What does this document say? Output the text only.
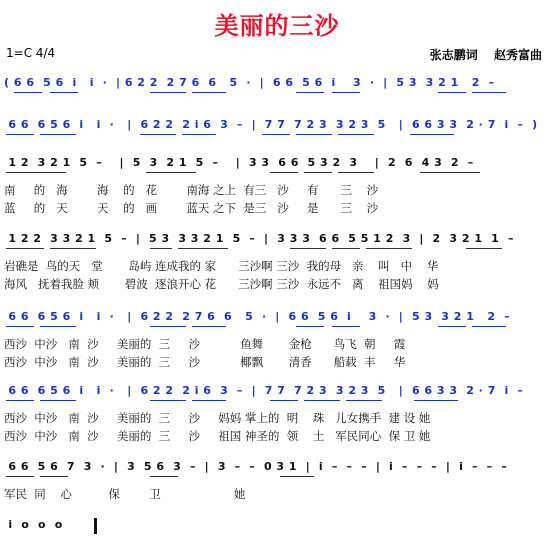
美丽的三沙
1=C 4/4	张志鹏词 赵秀富曲
( 6 6  5 6  i   i  ·  | 6 2 2  2 7 6  6   5  ·  |  6 6  5 6  i    3  ·  |  5 3  3 2 1   2  –
6 6  6 5 6  i   i  ·   |  6 2 2  2 i 6  3  –  |  7 7  7 2 3  3 2 3  5   |  6 6 3 3  2 · 7  i  –  )
1 2  3 2 1  5  –    |  5  3  2 1  5  –    |  3 3  6 6  5 3 2  3    |  2  6  4 3  2  –
南     的   海        海    的   花        南海 之上  有三   沙     有      三    沙
蓝     的   天        天    的   画        蓝天 之下  是三   沙     是      三    沙
1 2 2  3 3 2 1  5  –  |  5 3  3 3 2 1  5  –  |  3 3 3  6 6  5 5 1 2  3  |  2  3 2 1  1  –
岩礁是  鸟的天   堂       岛屿 连成我的 家      三沙啊 三沙  我的母   亲    叫   中    华
海风   抚着我脸 颊       碧波  逐浪开心 花      三沙啊 三沙  永远不   离    祖国妈    妈
6 6  6 5 6  i   i  ·   |  6 2 2  2 7 6  6   5  ·  |  6 6  5 6  i    3  ·  |  5 3  3 2 1   2  –
西沙  中沙   南  沙     美丽的  三     沙           鱼舞       金枪      鸟飞  朝     霞
西沙  中沙   南  沙     美丽的  三     沙           椰飘       清香      船载  丰     华
6 6  6 5 6  i   i  ·   |  6 2 2  2 i 6  3  –  |  7 7  7 2 3  3 2 3  5   |  6 6 3 3  2 · 7  i  –
西沙  中沙   南  沙     美丽的  三     沙     妈妈 掌上的  明    珠   儿女携手  建 设 她
西沙  中沙   南  沙     美丽的  三     沙     祖国 神圣的  领    土   军民同心  保 卫 她
6 6  5 6  7  3  ·  |  3  5 6  3  –  |  3  –  –  0 3 1  |  i  –  –  –  |  i  –  –  –  |  i  –  –  –
军民  同    心          保        卫                    她
i  o  o  o
